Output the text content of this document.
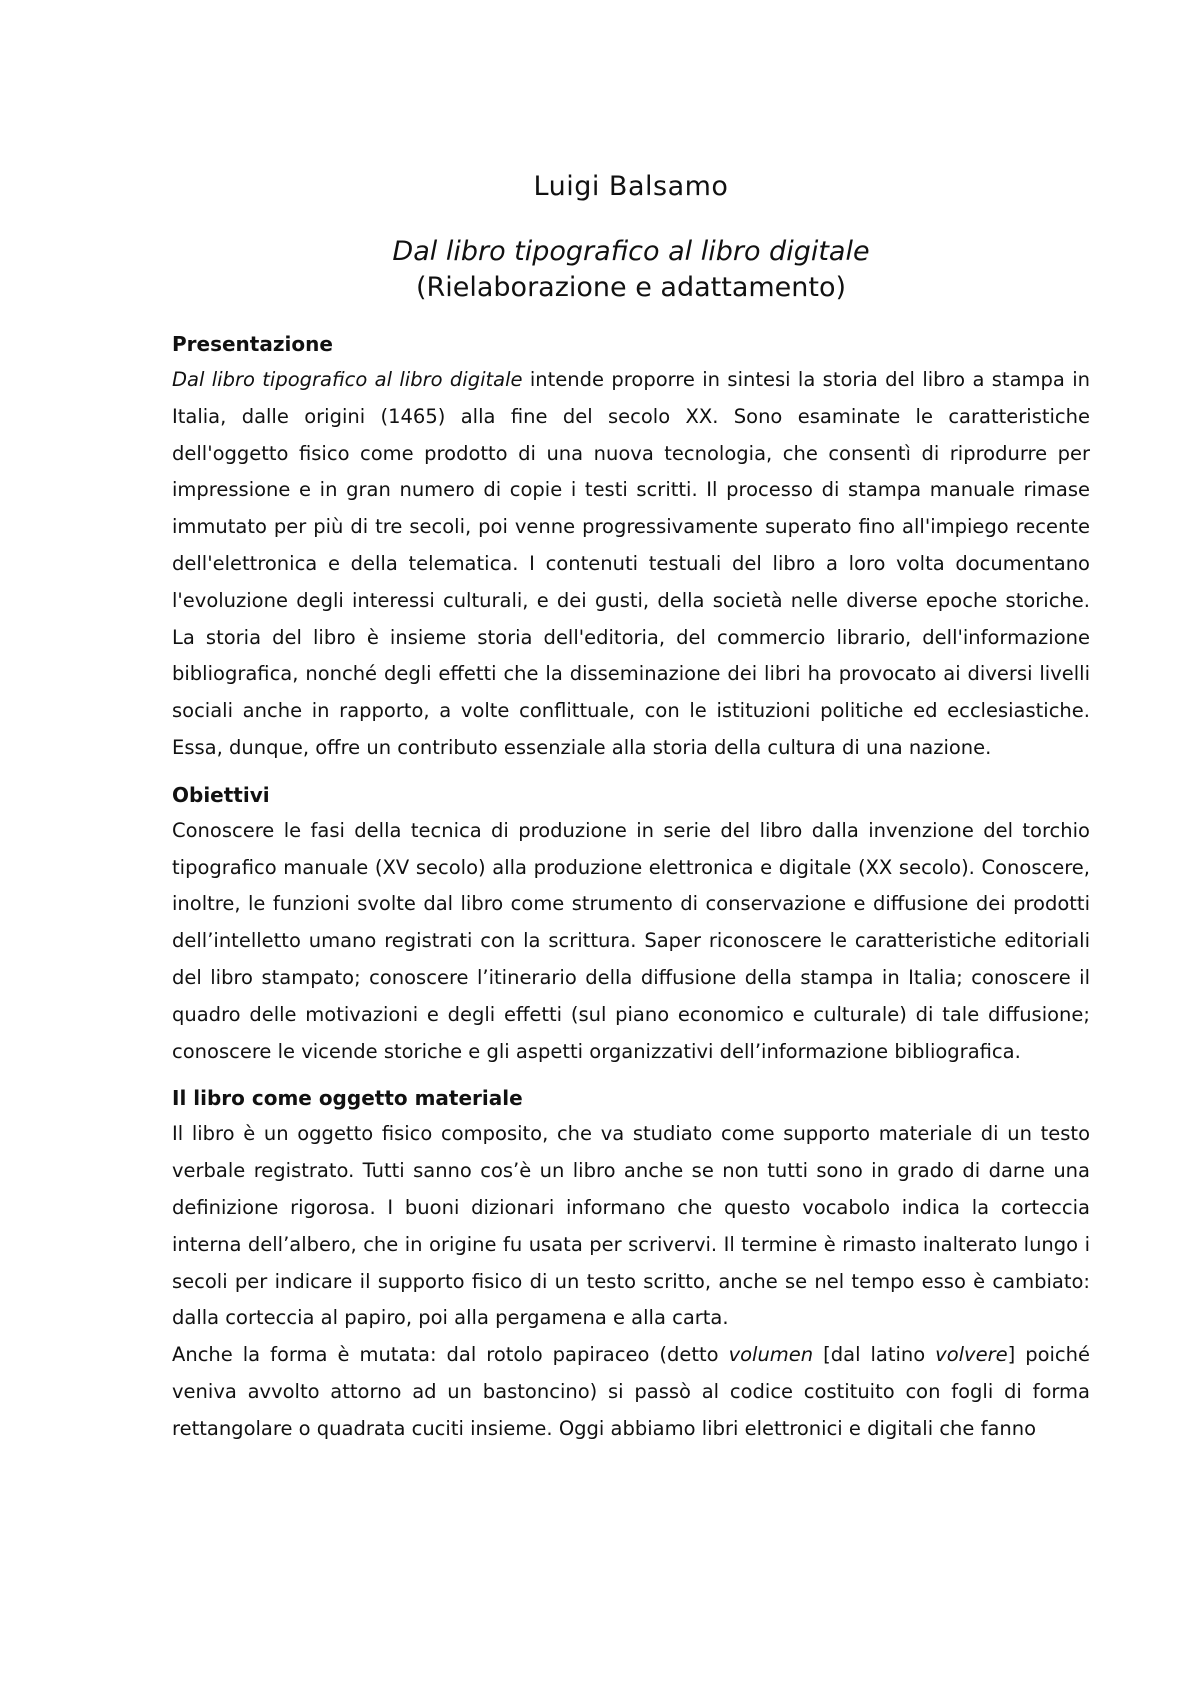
Luigi Balsamo
Dal libro tipografico al libro digitale
(Rielaborazione e adattamento)
Presentazione

Dal libro tipografico al libro digitale intende proporre in sintesi la storia del libro a stampa in Italia, dalle origini (1465) alla fine del secolo XX. Sono esaminate le caratteristiche dell'oggetto fisico come prodotto di una nuova tecnologia, che consentì di riprodurre per impressione e in gran numero di copie i testi scritti. Il processo di stampa manuale rimase immutato per più di tre secoli, poi venne progressivamente superato fino all'impiego recente dell'elettronica e della telematica. I contenuti testuali del libro a loro volta documentano l'evoluzione degli interessi culturali, e dei gusti, della società nelle diverse epoche storiche. La storia del libro è insieme storia dell'editoria, del commercio librario, dell'informazione bibliografica, nonché degli effetti che la disseminazione dei libri ha provocato ai diversi livelli sociali anche in rapporto, a volte conflittuale, con le istituzioni politiche ed ecclesiastiche. Essa, dunque, offre un contributo essenziale alla storia della cultura di una nazione.

Obiettivi

Conoscere le fasi della tecnica di produzione in serie del libro dalla invenzione del torchio tipografico manuale (XV secolo) alla produzione elettronica e digitale (XX secolo). Conoscere, inoltre, le funzioni svolte dal libro come strumento di conservazione e diffusione dei prodotti dell’intelletto umano registrati con la scrittura. Saper riconoscere le caratteristiche editoriali del libro stampato; conoscere l’itinerario della diffusione della stampa in Italia; conoscere il quadro delle motivazioni e degli effetti (sul piano economico e culturale) di tale diffusione; conoscere le vicende storiche e gli aspetti organizzativi dell’informazione bibliografica.

Il libro come oggetto materiale

Il libro è un oggetto fisico composito, che va studiato come supporto materiale di un testo verbale registrato. Tutti sanno cos’è un libro anche se non tutti sono in grado di darne una definizione rigorosa. I buoni dizionari informano che questo vocabolo indica la corteccia interna dell’albero, che in origine fu usata per scrivervi. Il termine è rimasto inalterato lungo i secoli per indicare il supporto fisico di un testo scritto, anche se nel tempo esso è cambiato: dalla corteccia al papiro, poi alla pergamena e alla carta.

Anche la forma è mutata: dal rotolo papiraceo (detto volumen [dal latino volvere] poiché veniva avvolto attorno ad un bastoncino) si passò al codice costituito con fogli di forma rettangolare o quadrata cuciti insieme. Oggi abbiamo libri elettronici e digitali che fanno
